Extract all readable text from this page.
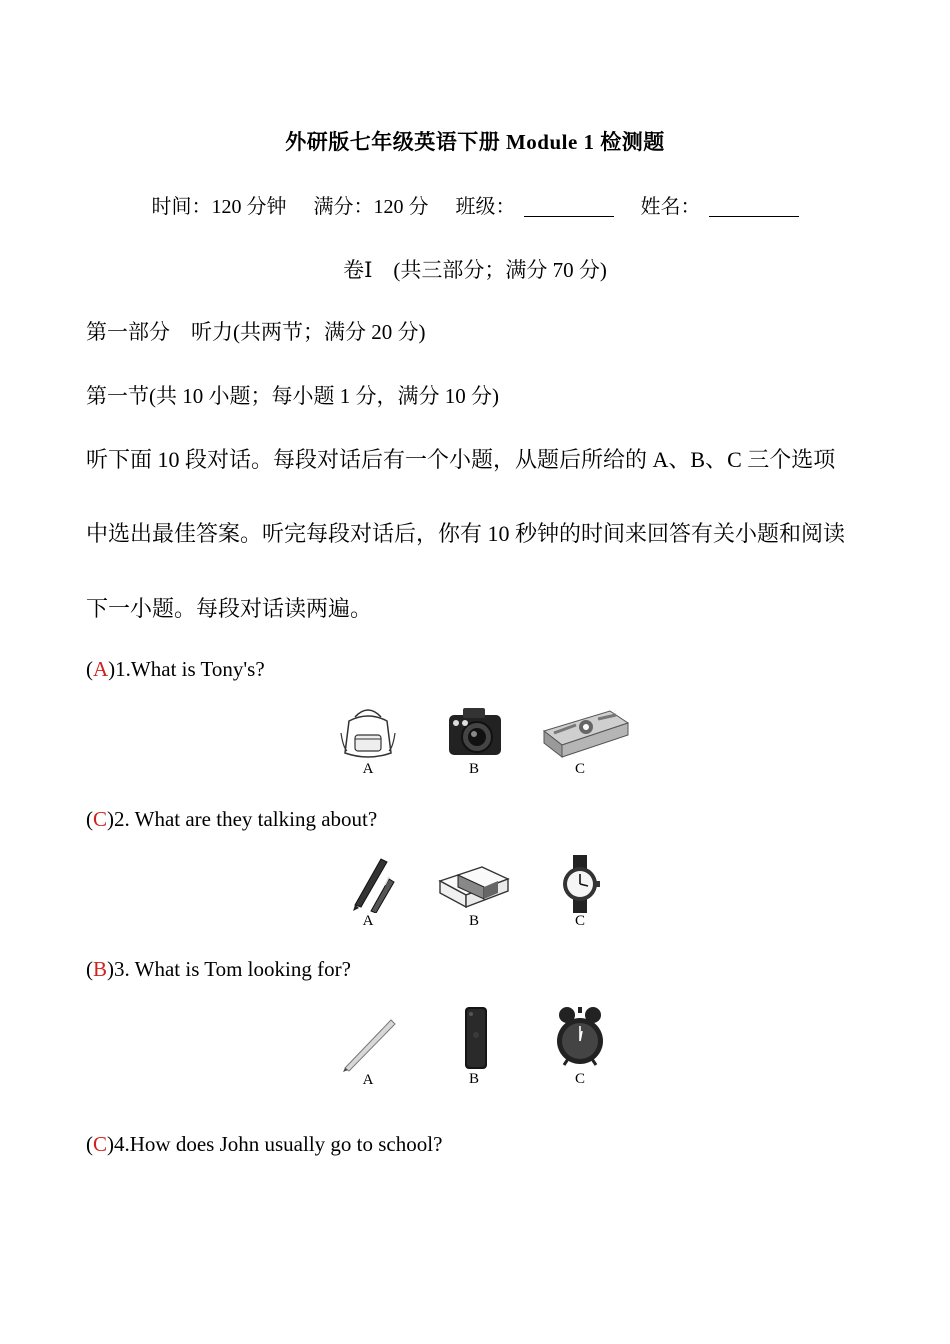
外研版七年级英语下册 Module 1 检测题
时间：120 分钟 满分：120 分 班级：	姓名：
卷Ⅰ　(共三部分；满分 70 分)
第一部分　听力(共两节；满分 20 分)
第一节(共 10 小题；每小题 1 分，满分 10 分)
听下面 10 段对话。每段对话后有一个小题，从题后所给的 A、B、C 三个选项
中选出最佳答案。听完每段对话后，你有 10 秒钟的时间来回答有关小题和阅读
下一小题。每段对话读两遍。
(A)1.What is Tony's?
A	B	C
(C)2. What are they talking about?
A	B	C
(B)3. What is Tom looking for?
A	B	C
(C)4.How does John usually go to school?
